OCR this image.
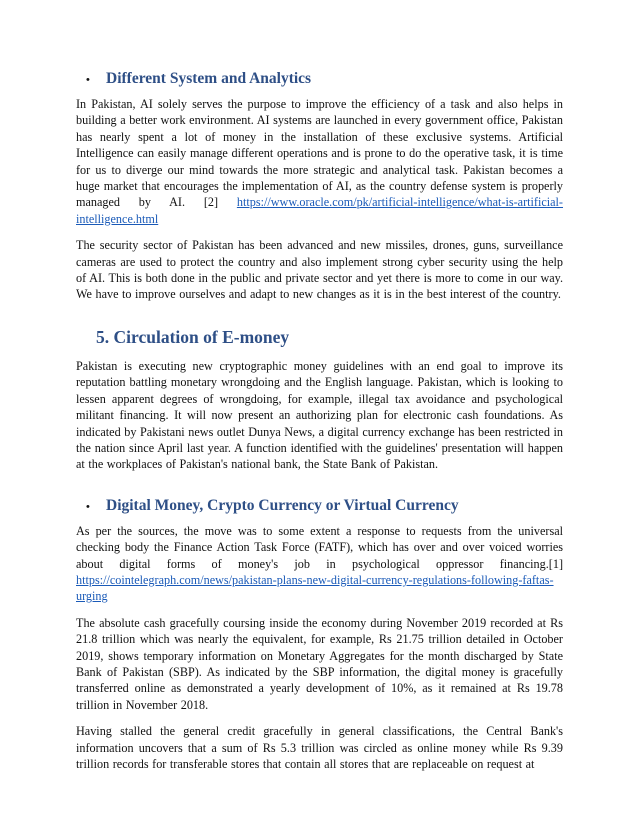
•	Different System and Analytics

In Pakistan, AI solely serves the purpose to improve the efficiency of a task and also helps in building a better work environment. AI systems are launched in every government office, Pakistan has nearly spent a lot of money in the installation of these exclusive systems. Artificial Intelligence can easily manage different operations and is prone to do the operative task, it is time for us to diverge our mind towards the more strategic and analytical task. Pakistan becomes a huge market that encourages the implementation of AI, as the country defense system is properly managed by AI. [2] https://www.oracle.com/pk/artificial-intelligence/what-is-artificial-intelligence.html

The security sector of Pakistan has been advanced and new missiles, drones, guns, surveillance cameras are used to protect the country and also implement strong cyber security using the help of AI. This is both done in the public and private sector and yet there is more to come in our way. We have to improve ourselves and adapt to new changes as it is in the best interest of the country.

5. Circulation of E-money

Pakistan is executing new cryptographic money guidelines with an end goal to improve its reputation battling monetary wrongdoing and the English language. Pakistan, which is looking to lessen apparent degrees of wrongdoing, for example, illegal tax avoidance and psychological militant financing. It will now present an authorizing plan for electronic cash foundations. As indicated by Pakistani news outlet Dunya News, a digital currency exchange has been restricted in the nation since April last year. A function identified with the guidelines' presentation will happen at the workplaces of Pakistan's national bank, the State Bank of Pakistan.

•	Digital Money, Crypto Currency or Virtual Currency

As per the sources, the move was to some extent a response to requests from the universal checking body the Finance Action Task Force (FATF), which has over and over voiced worries about digital forms of money's job in psychological oppressor financing.[1] https://cointelegraph.com/news/pakistan-plans-new-digital-currency-regulations-following-faftas-urging

The absolute cash gracefully coursing inside the economy during November 2019 recorded at Rs 21.8 trillion which was nearly the equivalent, for example, Rs 21.75 trillion detailed in October 2019, shows temporary information on Monetary Aggregates for the month discharged by State Bank of Pakistan (SBP). As indicated by the SBP information, the digital money is gracefully transferred online as demonstrated a yearly development of 10%, as it remained at Rs 19.78 trillion in November 2018.

Having stalled the general credit gracefully in general classifications, the Central Bank's information uncovers that a sum of Rs 5.3 trillion was circled as online money while Rs 9.39 trillion records for transferable stores that contain all stores that are replaceable on request at
